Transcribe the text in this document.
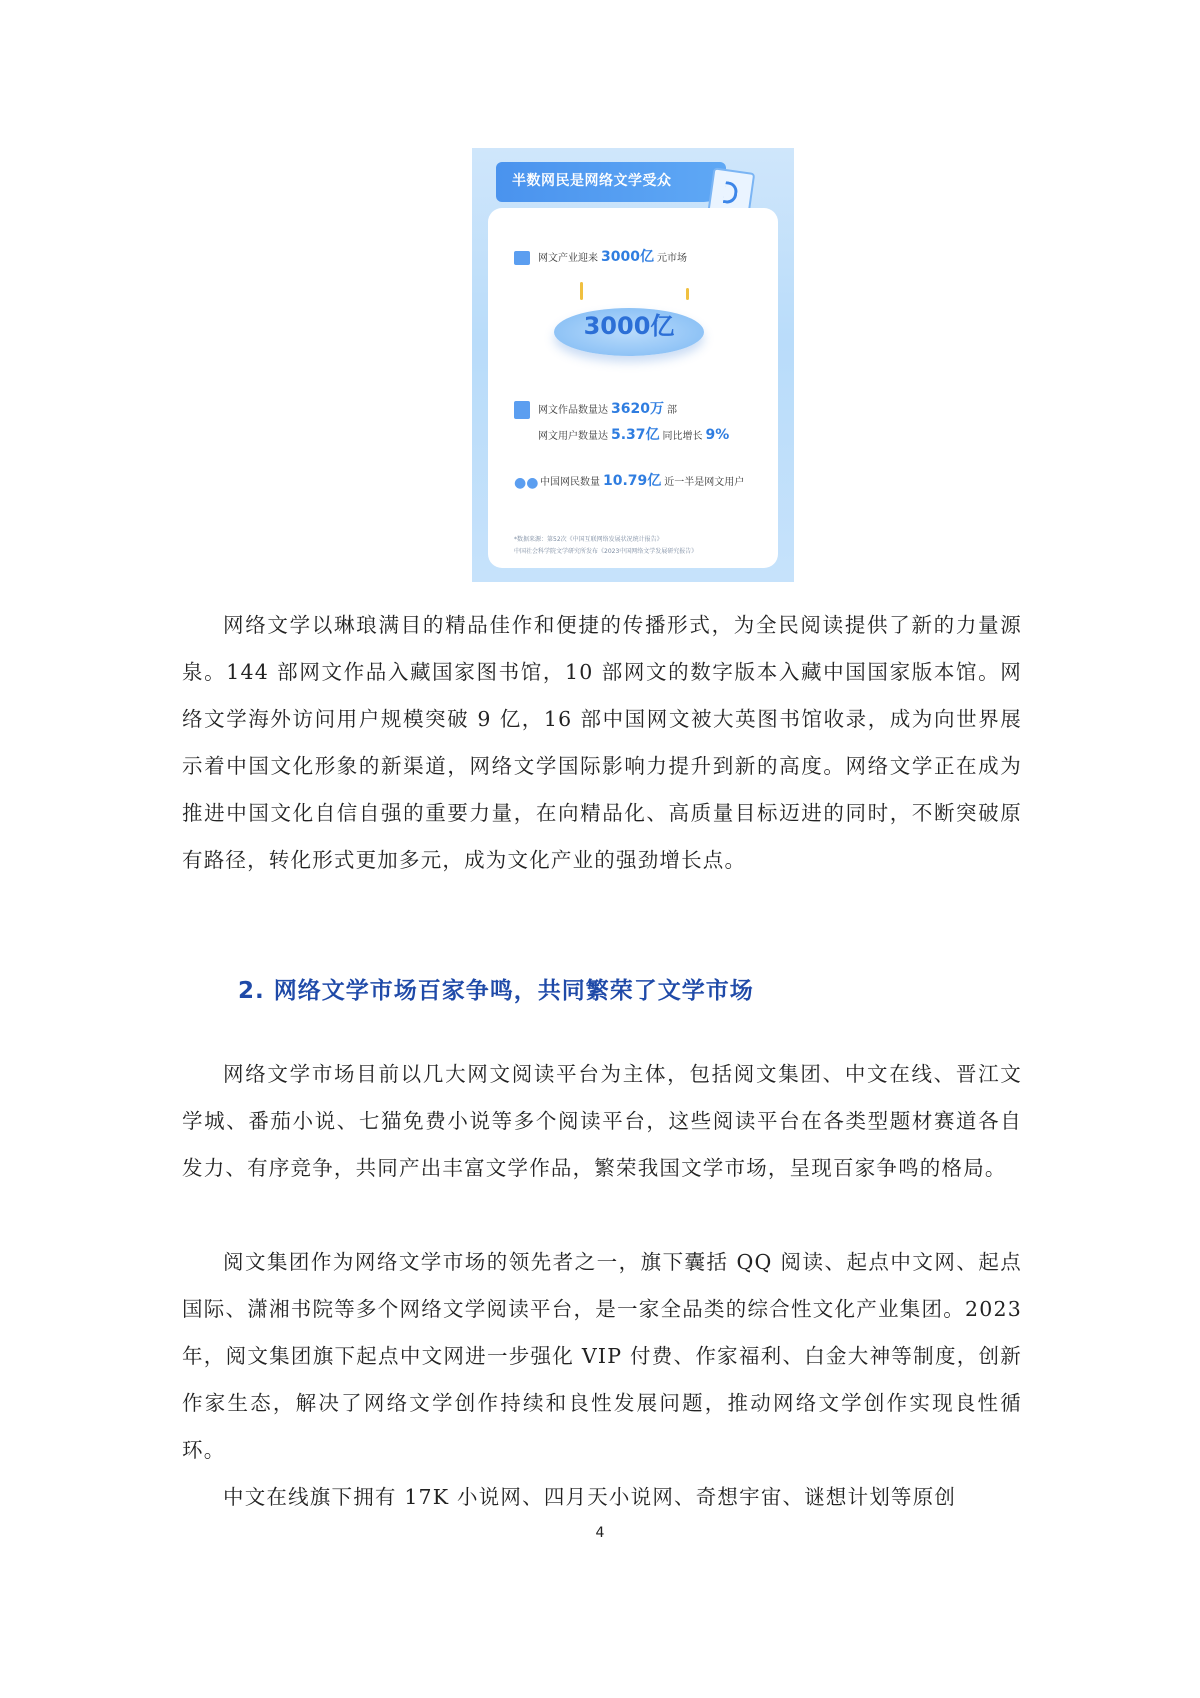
半数网民是网络文学受众
网文产业迎来 3000亿 元市场
3000亿
网文作品数量达 3620万 部
网文用户数量达 5.37亿 同比增长 9%
●● 中国网民数量 10.79亿 近一半是网文用户
*数据来源：第52次《中国互联网络发展状况统计报告》
中国社会科学院文学研究所发布《2023中国网络文学发展研究报告》

网络文学以琳琅满目的精品佳作和便捷的传播形式，为全民阅读提供了新的力量源泉。144 部网文作品入藏国家图书馆，10 部网文的数字版本入藏中国国家版本馆。网络文学海外访问用户规模突破 9 亿，16 部中国网文被大英图书馆收录，成为向世界展示着中国文化形象的新渠道，网络文学国际影响力提升到新的高度。网络文学正在成为推进中国文化自信自强的重要力量，在向精品化、高质量目标迈进的同时，不断突破原有路径，转化形式更加多元，成为文化产业的强劲增长点。

2. 网络文学市场百家争鸣，共同繁荣了文学市场

网络文学市场目前以几大网文阅读平台为主体，包括阅文集团、中文在线、晋江文学城、番茄小说、七猫免费小说等多个阅读平台，这些阅读平台在各类型题材赛道各自发力、有序竞争，共同产出丰富文学作品，繁荣我国文学市场，呈现百家争鸣的格局。

阅文集团作为网络文学市场的领先者之一，旗下囊括 QQ 阅读、起点中文网、起点国际、潇湘书院等多个网络文学阅读平台，是一家全品类的综合性文化产业集团。2023 年，阅文集团旗下起点中文网进一步强化 VIP 付费、作家福利、白金大神等制度，创新作家生态，解决了网络文学创作持续和良性发展问题，推动网络文学创作实现良性循环。

中文在线旗下拥有 17K 小说网、四月天小说网、奇想宇宙、谜想计划等原创

4
